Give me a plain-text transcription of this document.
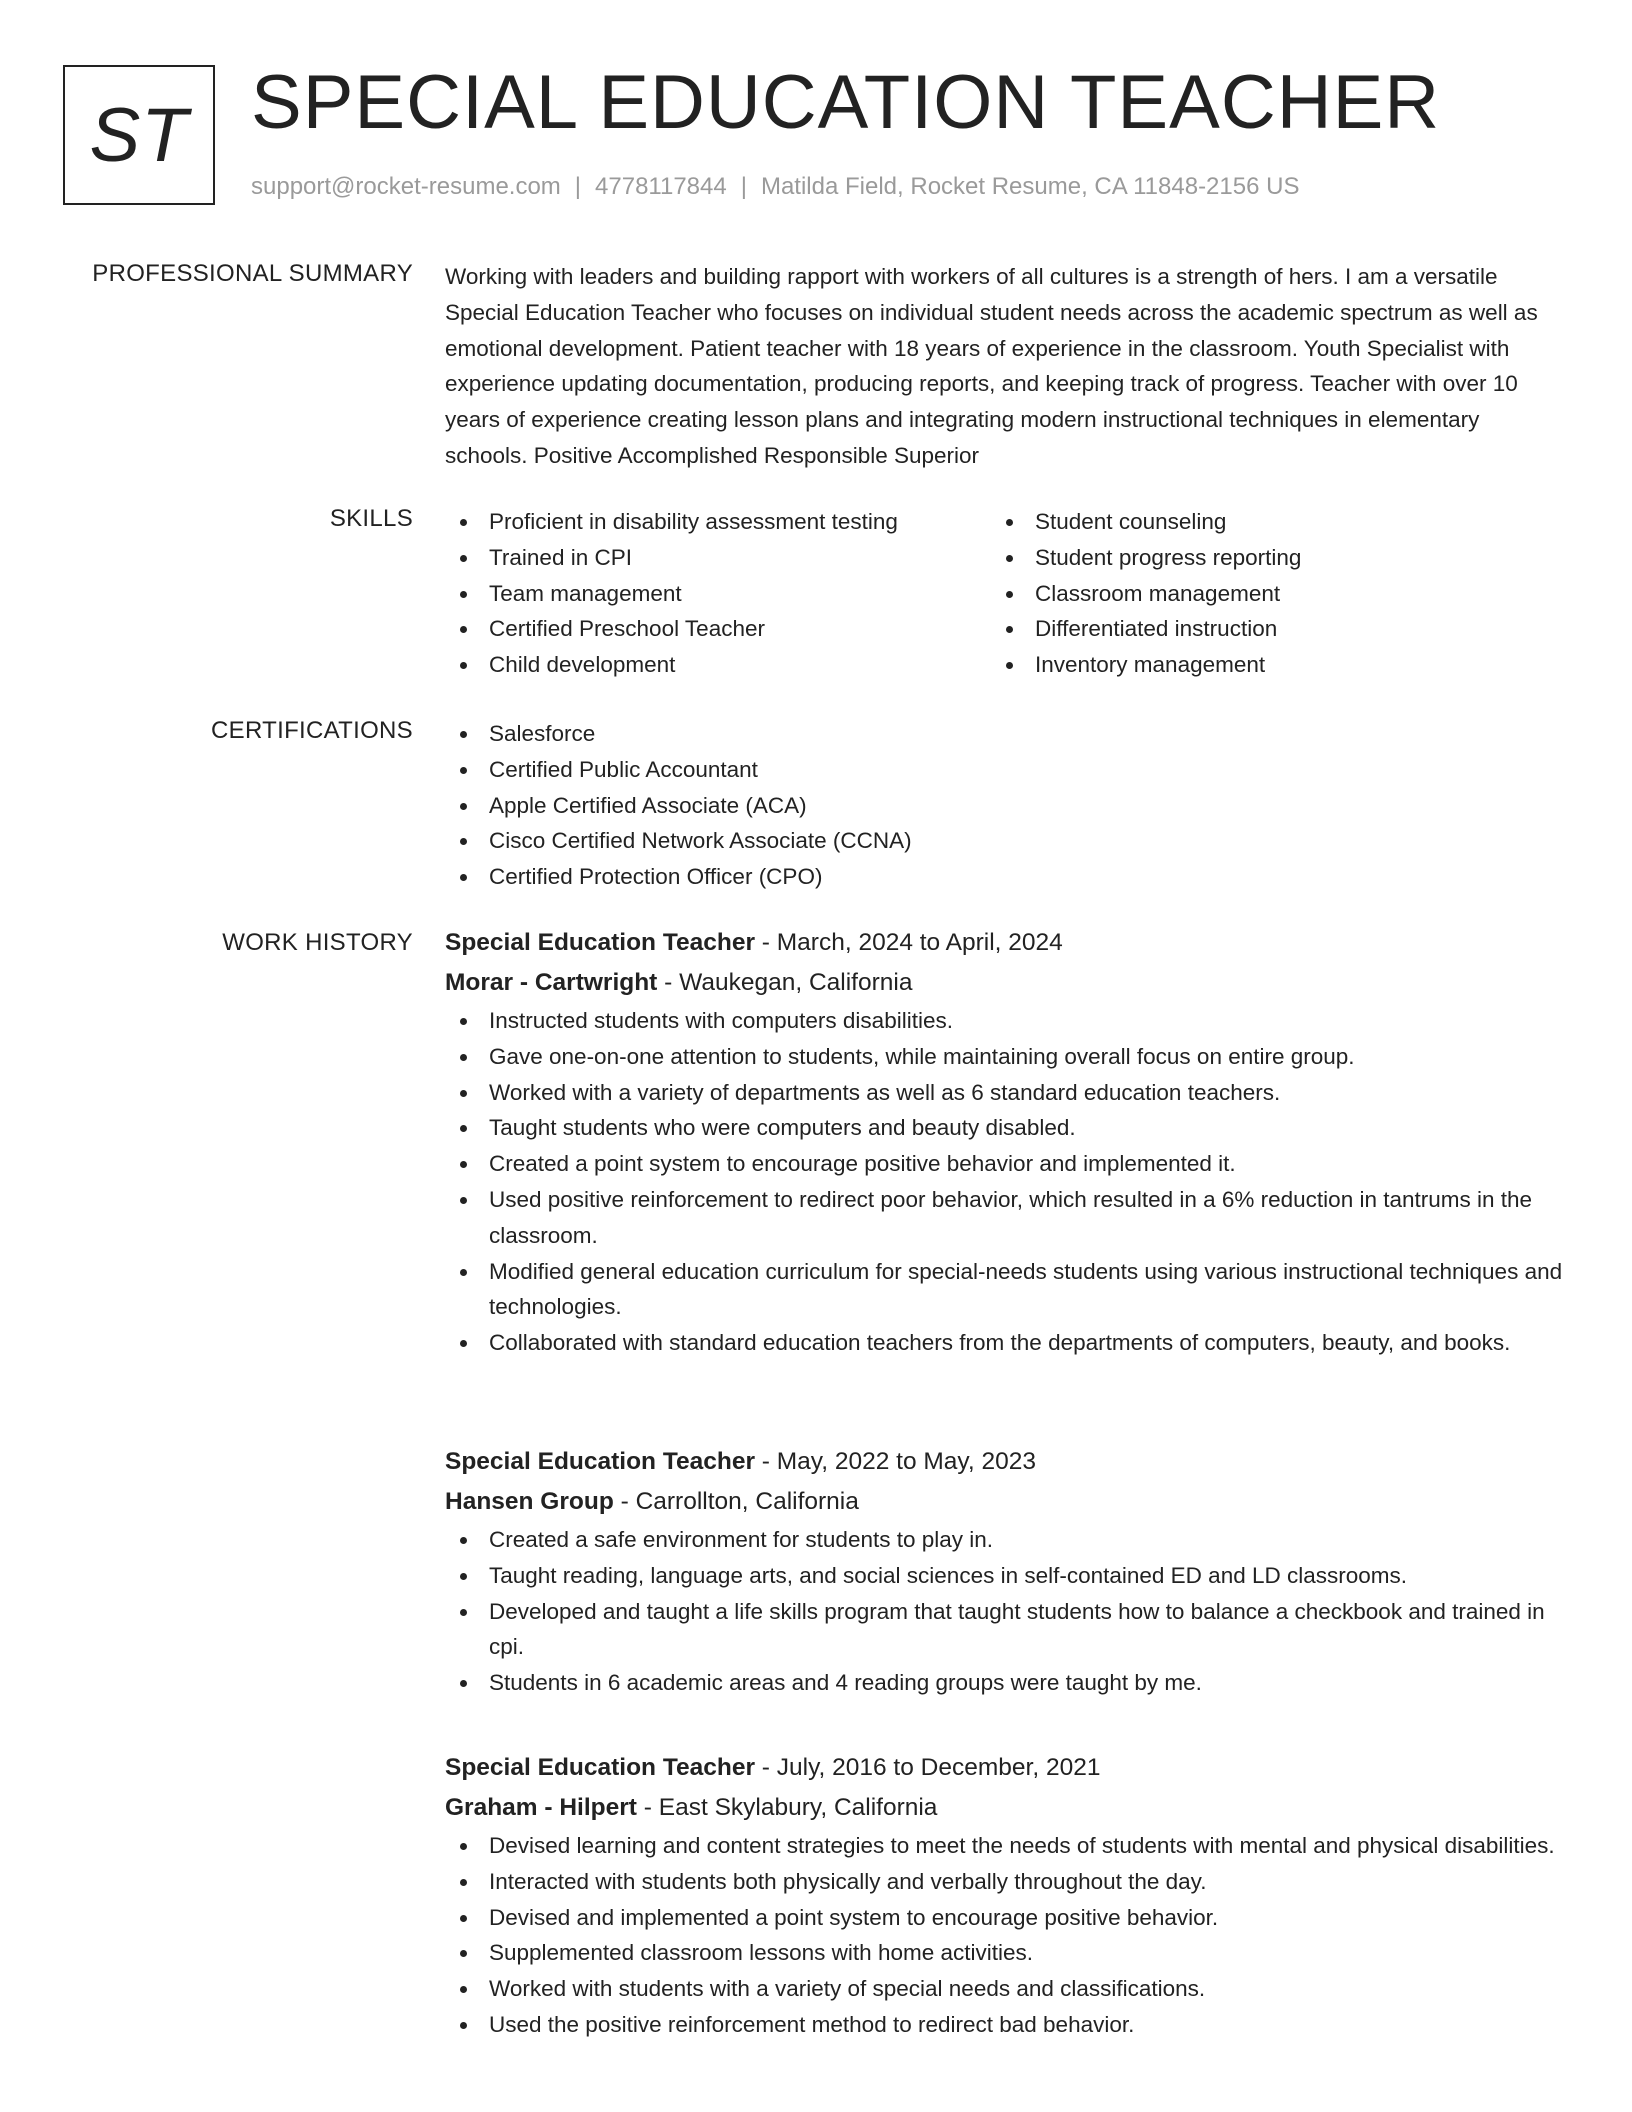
ST SPECIAL EDUCATION TEACHER
support@rocket-resume.com | 4778117844 | Matilda Field, Rocket Resume, CA 11848-2156 US
PROFESSIONAL SUMMARY Working with leaders and building rapport with workers of all cultures is a strength of hers. I am a versatile Special Education Teacher who focuses on individual student needs across the academic spectrum as well as emotional development. Patient teacher with 18 years of experience in the classroom. Youth Specialist with experience updating documentation, producing reports, and keeping track of progress. Teacher with over 10 years of experience creating lesson plans and integrating modern instructional techniques in elementary schools. Positive Accomplished Responsible Superior

SKILLS	Proficient in disability assessment testing
Trained in CPI
Team management
Certified Preschool Teacher
Child development
Student counseling
Student progress reporting
Classroom management
Differentiated instruction
Inventory management
CERTIFICATIONS	Salesforce
Certified Public Accountant
Apple Certified Associate (ACA)
Cisco Certified Network Associate (CCNA)
Certified Protection Officer (CPO)
WORK HISTORY Special Education Teacher - March, 2024 to April, 2024
Morar - Cartwright - Waukegan, California
Instructed students with computers disabilities.
Gave one-on-one attention to students, while maintaining overall focus on entire group.
Worked with a variety of departments as well as 6 standard education teachers.
Taught students who were computers and beauty disabled.
Created a point system to encourage positive behavior and implemented it.
Used positive reinforcement to redirect poor behavior, which resulted in a 6% reduction in tantrums in the classroom.
Modified general education curriculum for special-needs students using various instructional techniques and technologies.
Collaborated with standard education teachers from the departments of computers, beauty, and books.
Special Education Teacher - May, 2022 to May, 2023
Hansen Group - Carrollton, California
Created a safe environment for students to play in.
Taught reading, language arts, and social sciences in self-contained ED and LD classrooms.
Developed and taught a life skills program that taught students how to balance a checkbook and trained in cpi.
Students in 6 academic areas and 4 reading groups were taught by me.
Special Education Teacher - July, 2016 to December, 2021
Graham - Hilpert - East Skylabury, California
Devised learning and content strategies to meet the needs of students with mental and physical disabilities.
Interacted with students both physically and verbally throughout the day.
Devised and implemented a point system to encourage positive behavior.
Supplemented classroom lessons with home activities.
Worked with students with a variety of special needs and classifications.
Used the positive reinforcement method to redirect bad behavior.
